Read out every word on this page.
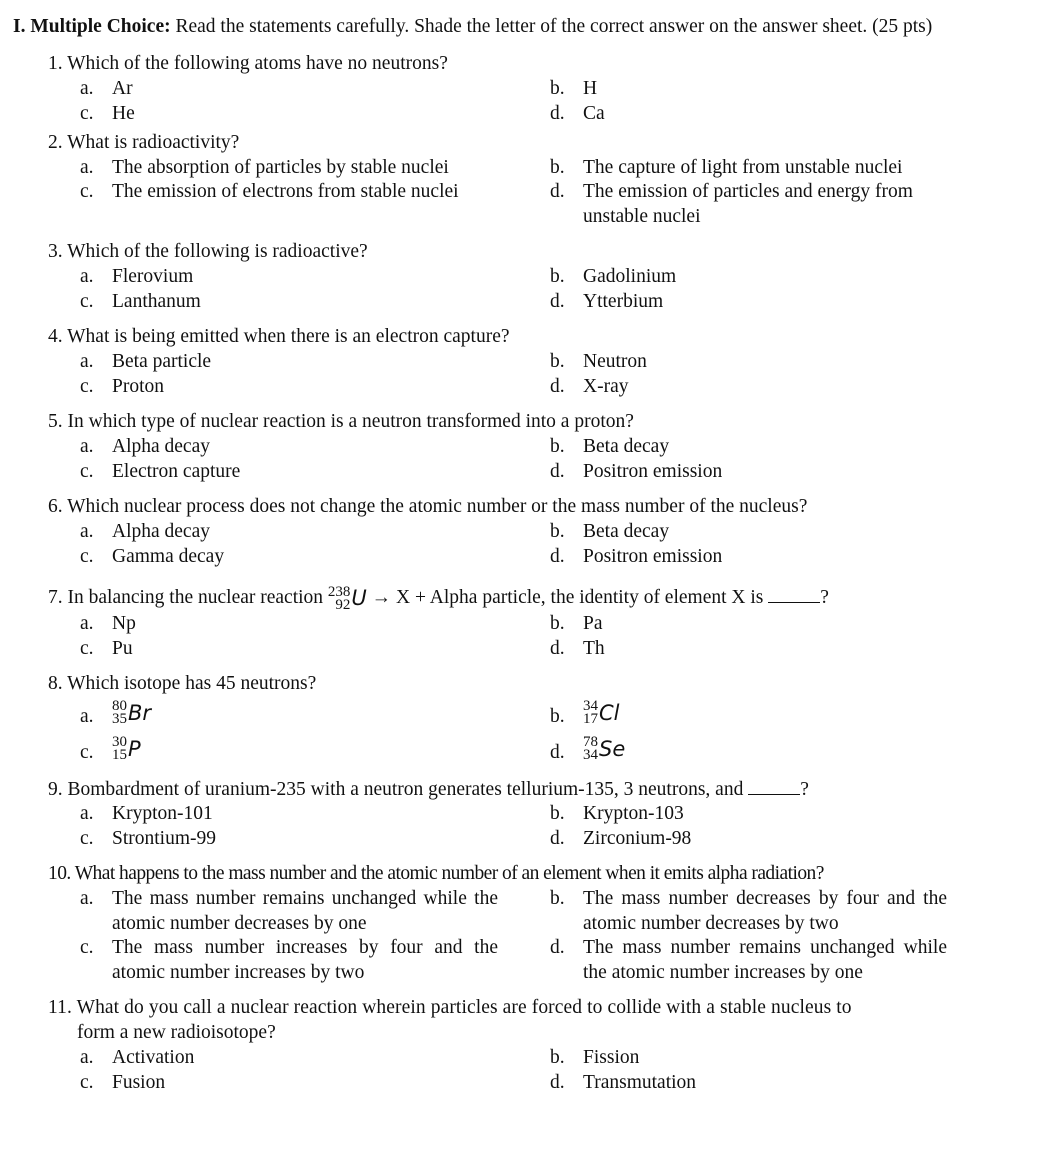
I. Multiple Choice: Read the statements carefully. Shade the letter of the correct answer on the answer sheet. (25 pts)
1. Which of the following atoms have no neutrons?
a. Ar	b. H
c. He	d. Ca
2. What is radioactivity?
a. The absorption of particles by stable nuclei	b. The capture of light from unstable nuclei
c. The emission of electrons from stable nuclei	d. The emission of particles and energy from unstable nuclei
3. Which of the following is radioactive?
a. Flerovium	b. Gadolinium
c. Lanthanum	d. Ytterbium
4. What is being emitted when there is an electron capture?
a. Beta particle	b. Neutron
c. Proton	d. X-ray
5. In which type of nuclear reaction is a neutron transformed into a proton?
a. Alpha decay	b. Beta decay
c. Electron capture	d. Positron emission
6. Which nuclear process does not change the atomic number or the mass number of the nucleus?
a. Alpha decay	b. Beta decay
c. Gamma decay	d. Positron emission
7. In balancing the nuclear reaction 238
92 U → X + Alpha particle, the identity of element X is	?
a. Np	b. Pa
c. Pu	d. Th
8. Which isotope has 45 neutrons?
a. 80
35 Br	b. 34
17 Cl
c. 30
15 P	d. 78
34 Se
9. Bombardment of uranium-235 with a neutron generates tellurium-135, 3 neutrons, and	?
a. Krypton-101	b. Krypton-103
c. Strontium-99	d. Zirconium-98
10. What happens to the mass number and the atomic number of an element when it emits alpha radiation?
a. The mass number remains unchanged while the atomic number decreases by one
b. The mass number decreases by four and the atomic number decreases by two
c. The mass number increases by four and the atomic number increases by two
d. The mass number remains unchanged while the atomic number increases by one
11. What do you call a nuclear reaction wherein particles are forced to collide with a stable nucleus to
form a new radioisotope?
a. Activation	b. Fission
c. Fusion	d. Transmutation
